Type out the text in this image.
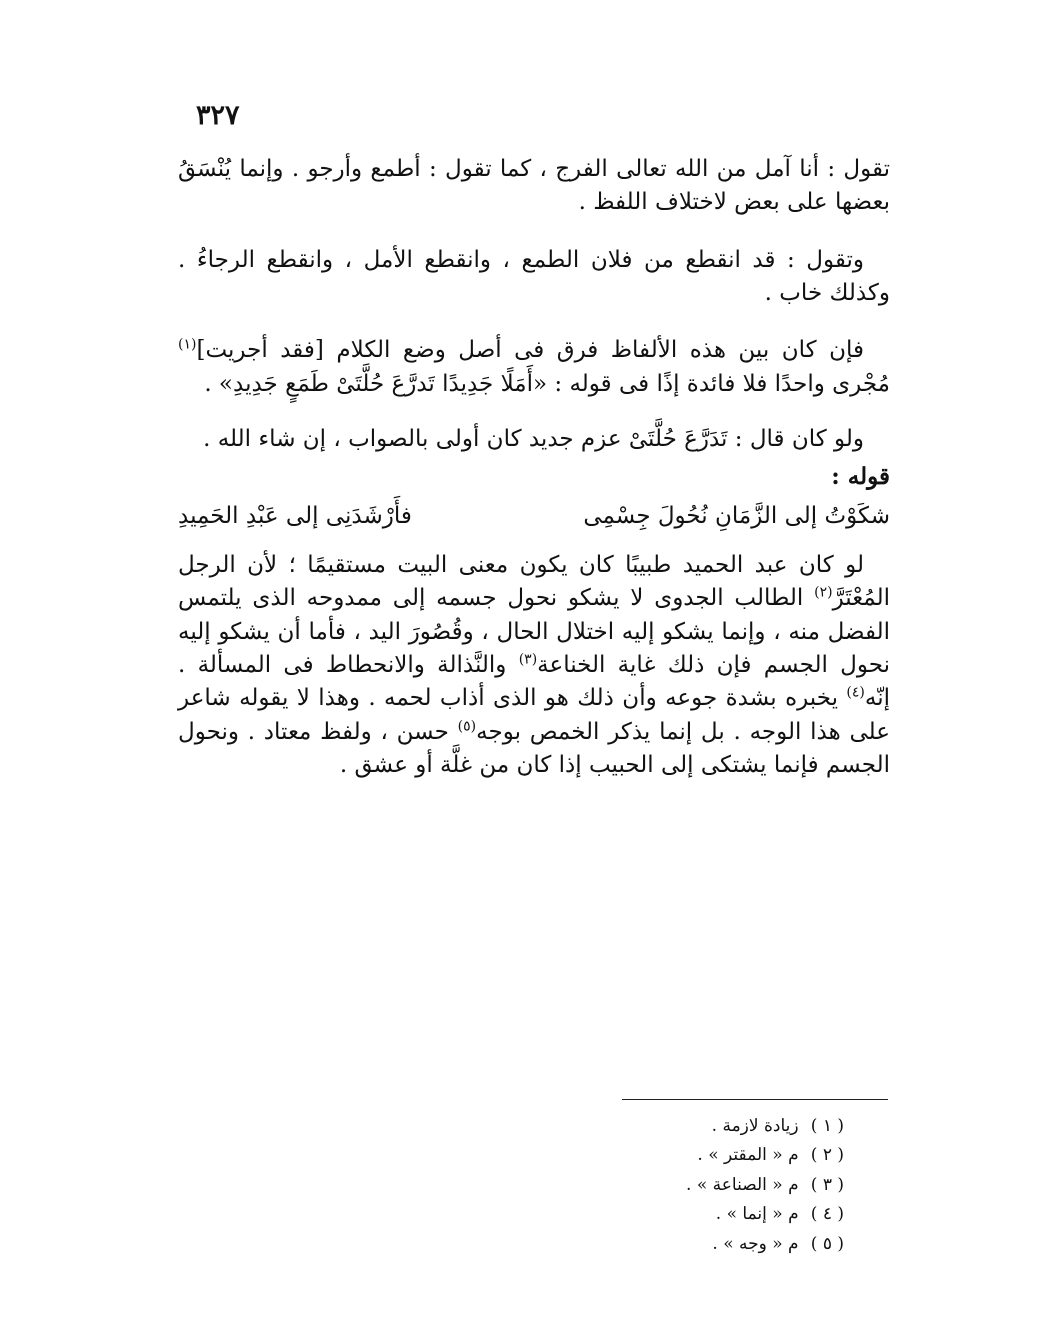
٣٢٧

تقول : أنا آمل من الله تعالى الفرج ، كما تقول : أطمع وأرجو . وإنما يُنْسَقُ بعضها على بعض لاختلاف اللفظ .

وتقول : قد انقطع من فلان الطمع ، وانقطع الأمل ، وانقطع الرجاءُ . وكذلك خاب .

فإن كان بين هذه الألفاظ فرق فى أصل وضع الكلام [فقد أجريت]$^{(١)}$ مُجْرى واحدًا فلا فائدة إذًا فى قوله : «أَمَلًا جَدِيدًا تَدرَّعَ حُلَّتَىْ طَمَعٍ جَدِيدِ» .

ولو كان قال : تَدَرَّعَ حُلَّتَىْ عزم جديد كان أولى بالصواب ، إن شاء الله .

قوله :

شكَوْتُ إلى الزَّمَانِ نُحُولَ جِسْمِى
فأَرْشَدَنِى إلى عَبْدِ الحَمِيدِ

لو كان عبد الحميد طبيبًا كان يكون معنى البيت مستقيمًا ؛ لأن الرجل المُعْتَرَّ$^{(٢)}$ الطالب الجدوى لا يشكو نحول جسمه إلى ممدوحه الذى يلتمس الفضل منه ، وإنما يشكو إليه اختلال الحال ، وقُصُورَ اليد ، فأما أن يشكو إليه نحول الجسم فإن ذلك غاية الخناعة$^{(٣)}$ والنَّذالة والانحطاط فى المسألة . إنّه$^{(٤)}$ يخبره بشدة جوعه وأن ذلك هو الذى أذاب لحمه . وهذا لا يقوله شاعر على هذا الوجه . بل إنما يذكر الخمص بوجه$^{(٥)}$ حسن ، ولفظ معتاد . ونحول الجسم فإنما يشتكى إلى الحبيب إذا كان من غلَّة أو عشق .

( ١ ) زيادة لازمة .

( ٢ ) م « المقتر » .

( ٣ ) م « الصناعة » .

( ٤ ) م « إنما » .

( ٥ ) م « وجه » .
